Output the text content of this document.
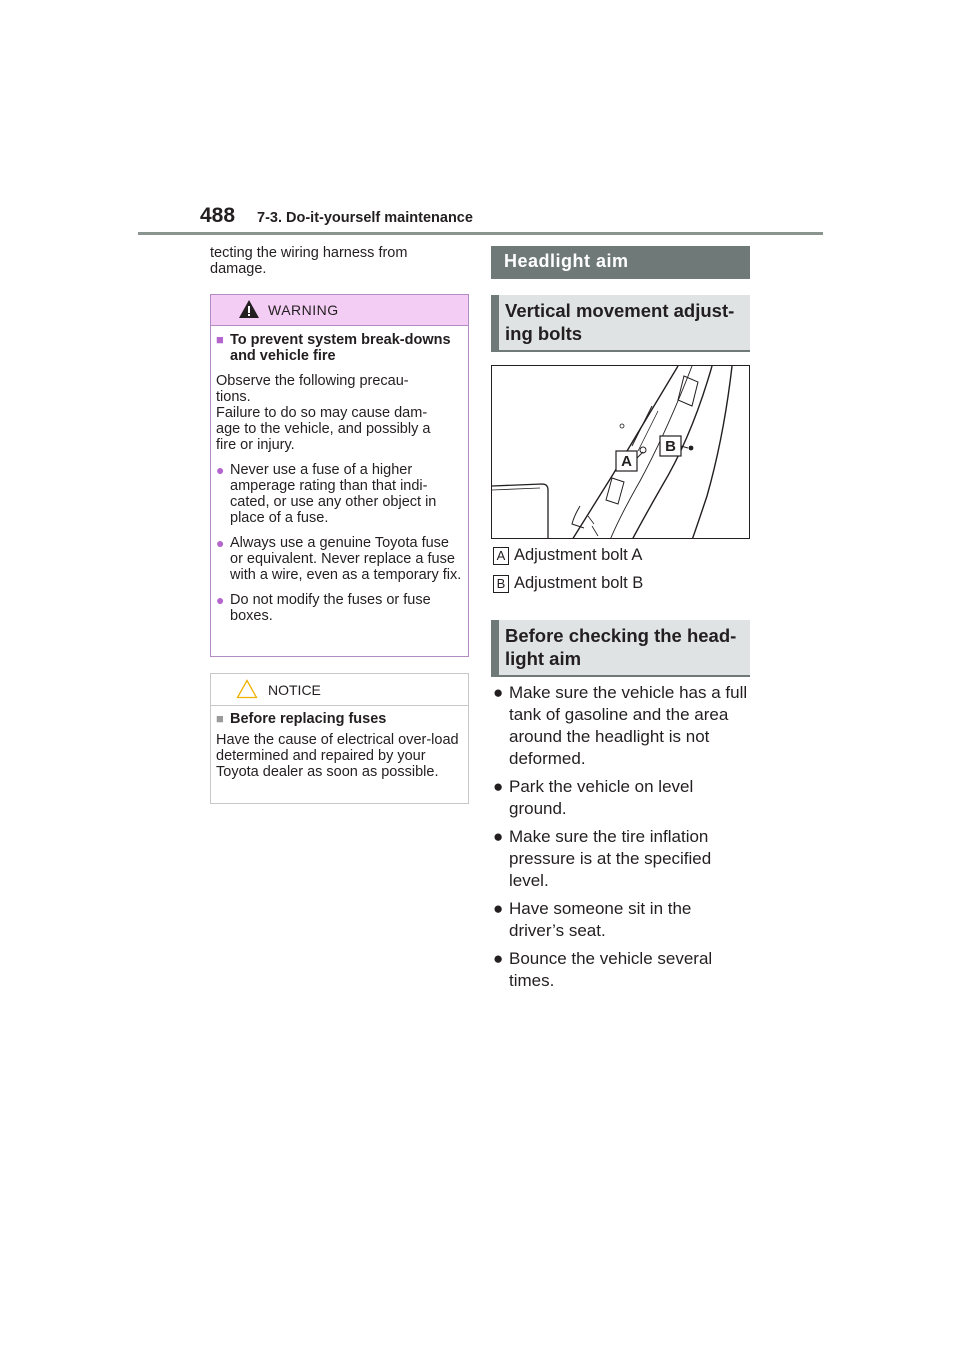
488 7-3. Do-it-yourself maintenance
tecting the wiring harness from damage.
WARNING
■ To prevent system break-downs and vehicle fire
Observe the following precau-
tions.
Failure to do so may cause dam-
age to the vehicle, and possibly a
fire or injury.
● Never use a fuse of a higher amperage rating than that indi-cated, or use any other object in place of a fuse.
● Always use a genuine Toyota fuse or equivalent. Never replace a fuse with a wire, even as a temporary fix.
● Do not modify the fuses or fuse boxes.
NOTICE
■ Before replacing fuses
Have the cause of electrical over-load determined and repaired by your Toyota dealer as soon as possible.
Headlight aim
Vertical movement adjust-ing bolts
A
B
A Adjustment bolt A
B Adjustment bolt B
Before checking the head-light aim
● Make sure the vehicle has a full tank of gasoline and the area around the headlight is not deformed.
● Park the vehicle on level ground.
● Make sure the tire inflation pressure is at the specified level.
● Have someone sit in the driver’s seat.
● Bounce the vehicle several times.
